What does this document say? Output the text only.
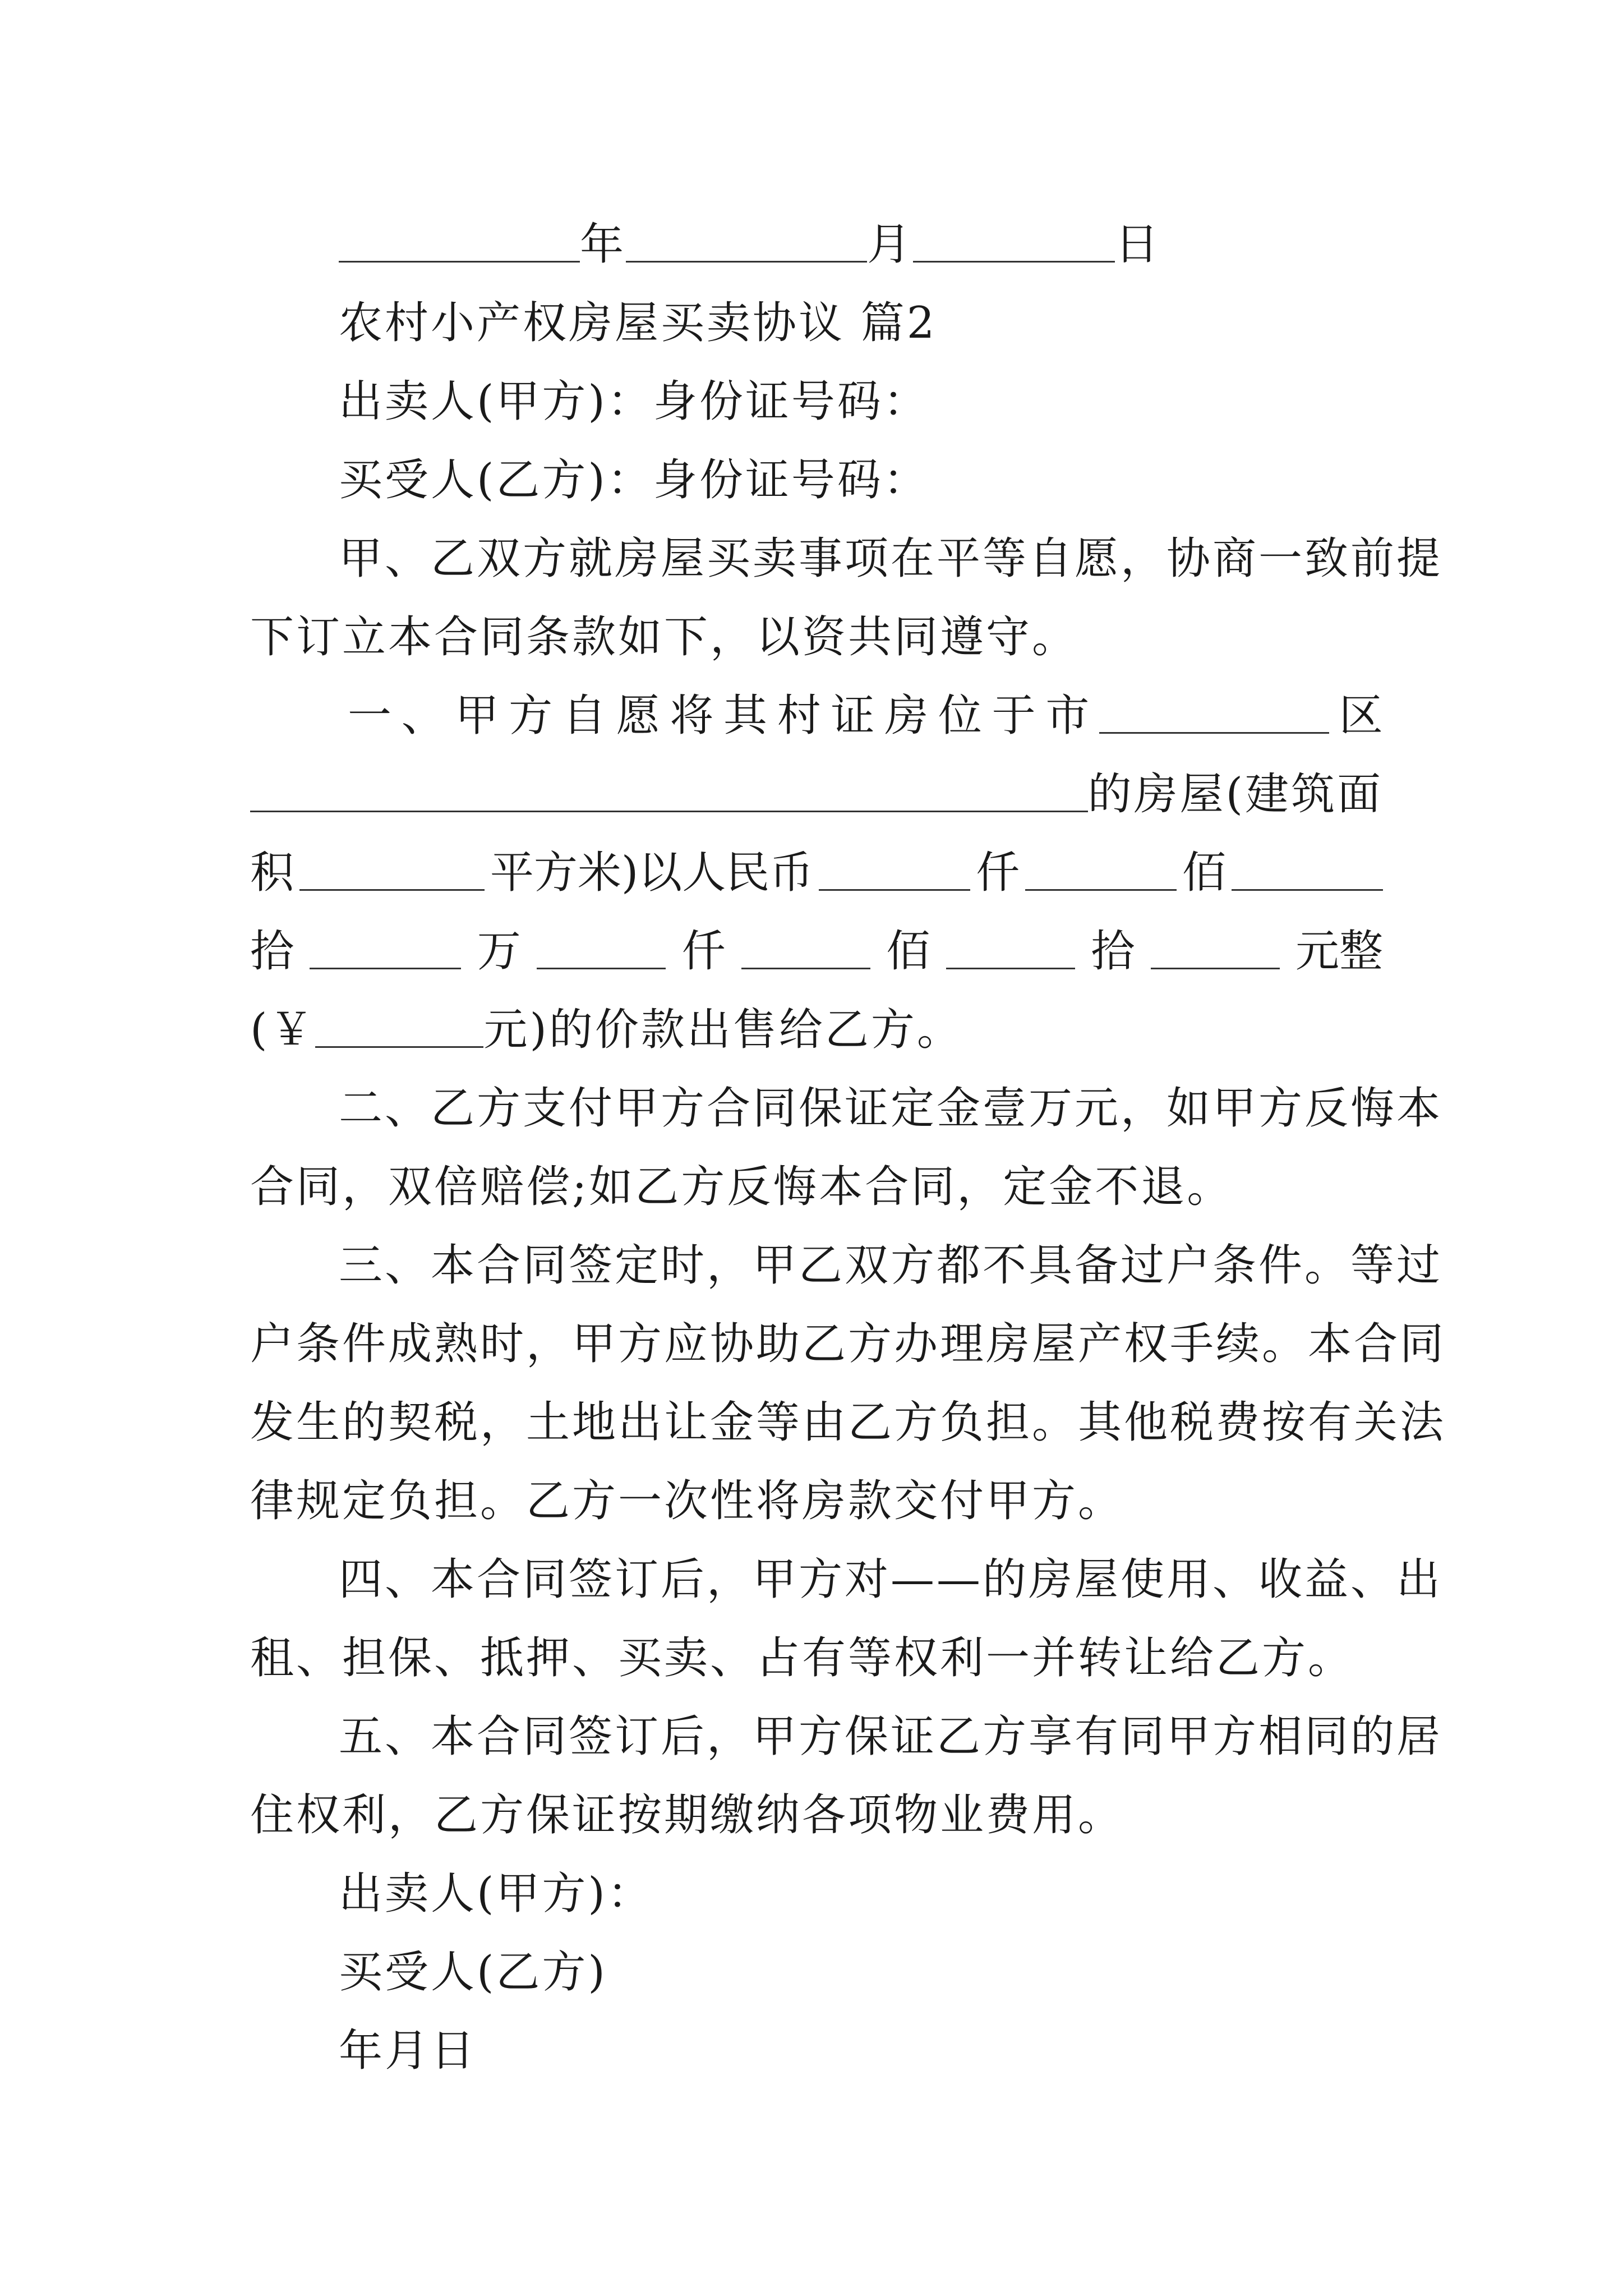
年	月	日
农村小产权房屋买卖协议 篇2
出卖人(甲方)：身份证号码：
买受人(乙方)：身份证号码：
甲、乙双方就房屋买卖事项在平等自愿，协商一致前提
下订立本合同条款如下，以资共同遵守。
一 、 甲 方 自 愿 将 其 村 证 房 位 于 市	区
的房屋(建筑面
积	平方米)以人民币	仟	佰
拾	万	仟	佰	拾	元整
(￥	元)的价款出售给乙方。
二、乙方支付甲方合同保证定金壹万元，如甲方反悔本
合同，双倍赔偿;如乙方反悔本合同，定金不退。
三、本合同签定时，甲乙双方都不具备过户条件。等过
户条件成熟时，甲方应协助乙方办理房屋产权手续。本合同
发生的契税，土地出让金等由乙方负担。其他税费按有关法
律规定负担。乙方一次性将房款交付甲方。
四、本合同签订后，甲方对——的房屋使用、收益、出
租、担保、抵押、买卖、占有等权利一并转让给乙方。
五、本合同签订后，甲方保证乙方享有同甲方相同的居
住权利，乙方保证按期缴纳各项物业费用。
出卖人(甲方)：
买受人(乙方)
年月日
